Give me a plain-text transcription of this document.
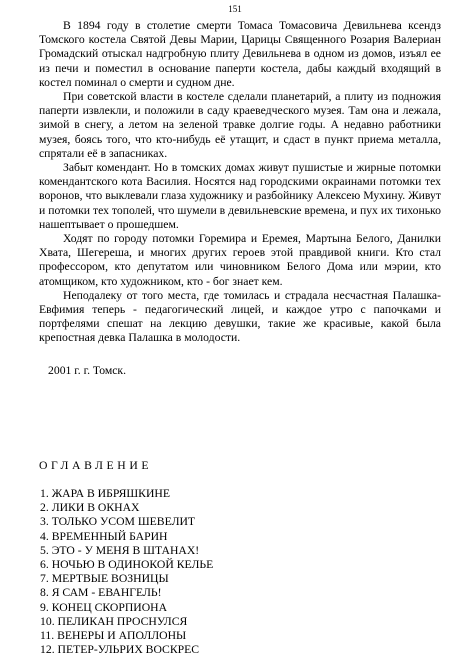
151

В 1894 году в столетие смерти Томаса Томасовича Девильнева ксендз Томского костела Святой Девы Марии, Царицы Священного Розария Валериан Громадский отыскал надгробную плиту Девильнева в одном из домов, изъял ее из печи и поместил в основание паперти костела, дабы каждый входящий в костел поминал о смерти и судном дне.

При советской власти в костеле сделали планетарий, а плиту из подножия паперти извлекли, и положили в саду краеведческого музея. Там она и лежала, зимой в снегу, а летом на зеленой травке долгие годы. А недавно работники музея, боясь того, что кто-нибудь её утащит, и сдаст в пункт приема металла, спрятали её в запасниках.

Забыт комендант. Но в томских домах живут пушистые и жирные потомки комендантского кота Василия. Носятся над городскими окраинами потомки тех воронов, что выклевали глаза художнику и разбойнику Алексею Мухину. Живут и потомки тех тополей, что шумели в девильневские времена, и пух их тихонько нашептывает о прошедшем.

Ходят по городу потомки Горемира и Еремея, Мартына Белого, Данилки Хвата, Шегереша, и многих других героев этой правдивой книги. Кто стал профессором, кто депутатом или чиновником Белого Дома или мэрии, кто атомщиком, кто художником, кто - бог знает кем.

Неподалеку от того места, где томилась и страдала несчастная Палашка-Евфимия теперь - педагогический лицей, и каждое утро с папочками и портфелями спешат на лекцию девушки, такие же красивые, какой была крепостная девка Палашка в молодости.

2001 г. г. Томск.
ОГЛАВЛЕНИЕ
1. ЖАРА В ИБРЯШКИНЕ
2. ЛИКИ В ОКНАХ
3. ТОЛЬКО УСОМ ШЕВЕЛИТ
4. ВРЕМЕННЫЙ БАРИН
5. ЭТО - У МЕНЯ В ШТАНАХ!
6. НОЧЬЮ В ОДИНОКОЙ КЕЛЬЕ
7. МЕРТВЫЕ ВОЗНИЦЫ
8. Я САМ - ЕВАНГЕЛЬ!
9. КОНЕЦ СКОРПИОНА
10. ПЕЛИКАН ПРОСНУЛСЯ
11. ВЕНЕРЫ И АПОЛЛОНЫ
12. ПЕТЕР-УЛЬРИХ ВОСКРЕС
